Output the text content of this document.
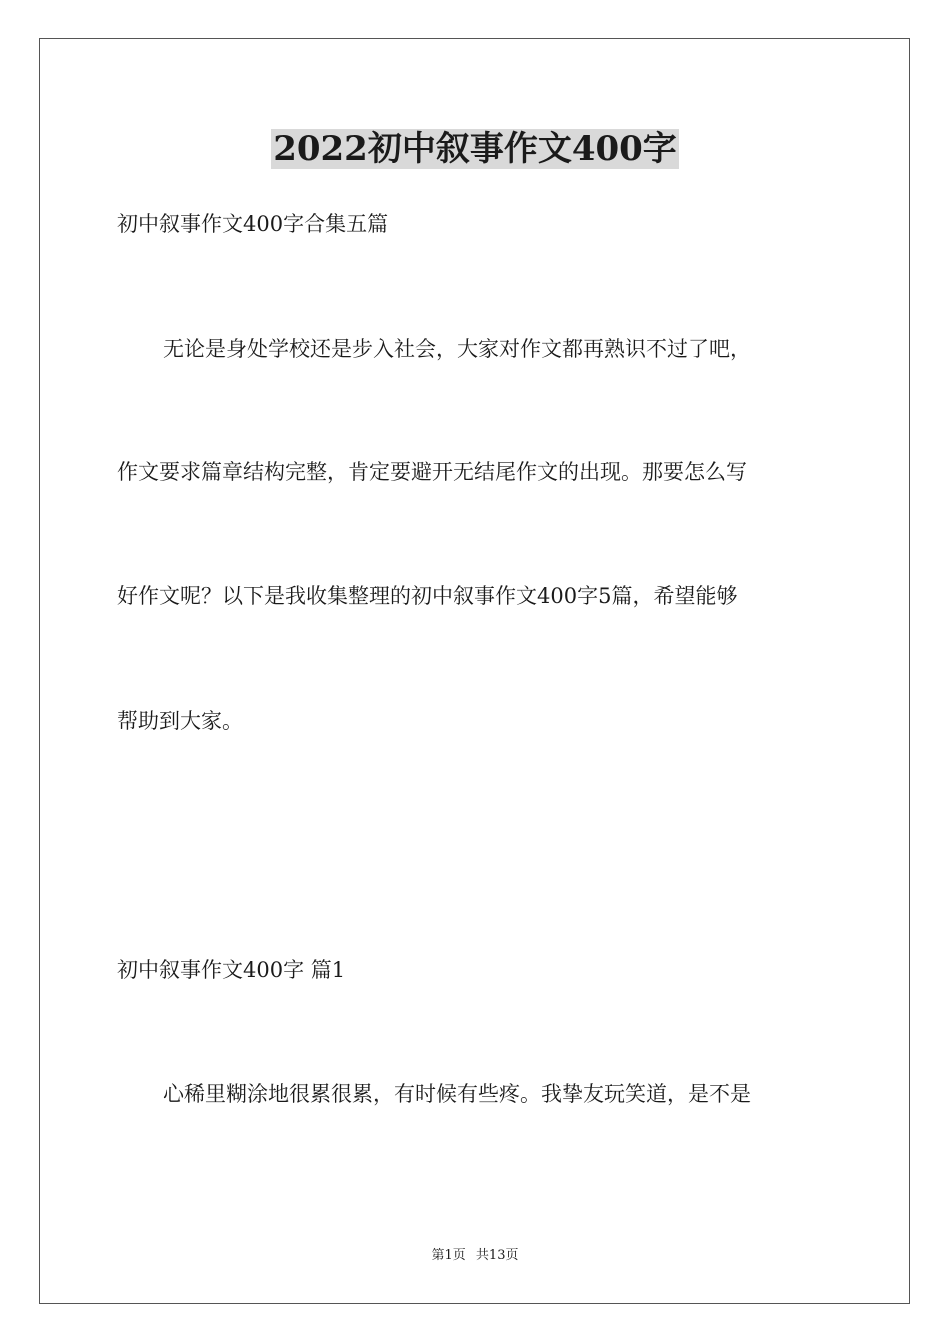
2022初中叙事作文400字
初中叙事作文400字合集五篇
无论是身处学校还是步入社会，大家对作文都再熟识不过了吧，
作文要求篇章结构完整，肯定要避开无结尾作文的出现。那要怎么写
好作文呢？以下是我收集整理的初中叙事作文400字5篇，希望能够
帮助到大家。
初中叙事作文400字 篇1
心稀里糊涂地很累很累，有时候有些疼。我挚友玩笑道，是不是
第1页 共13页
